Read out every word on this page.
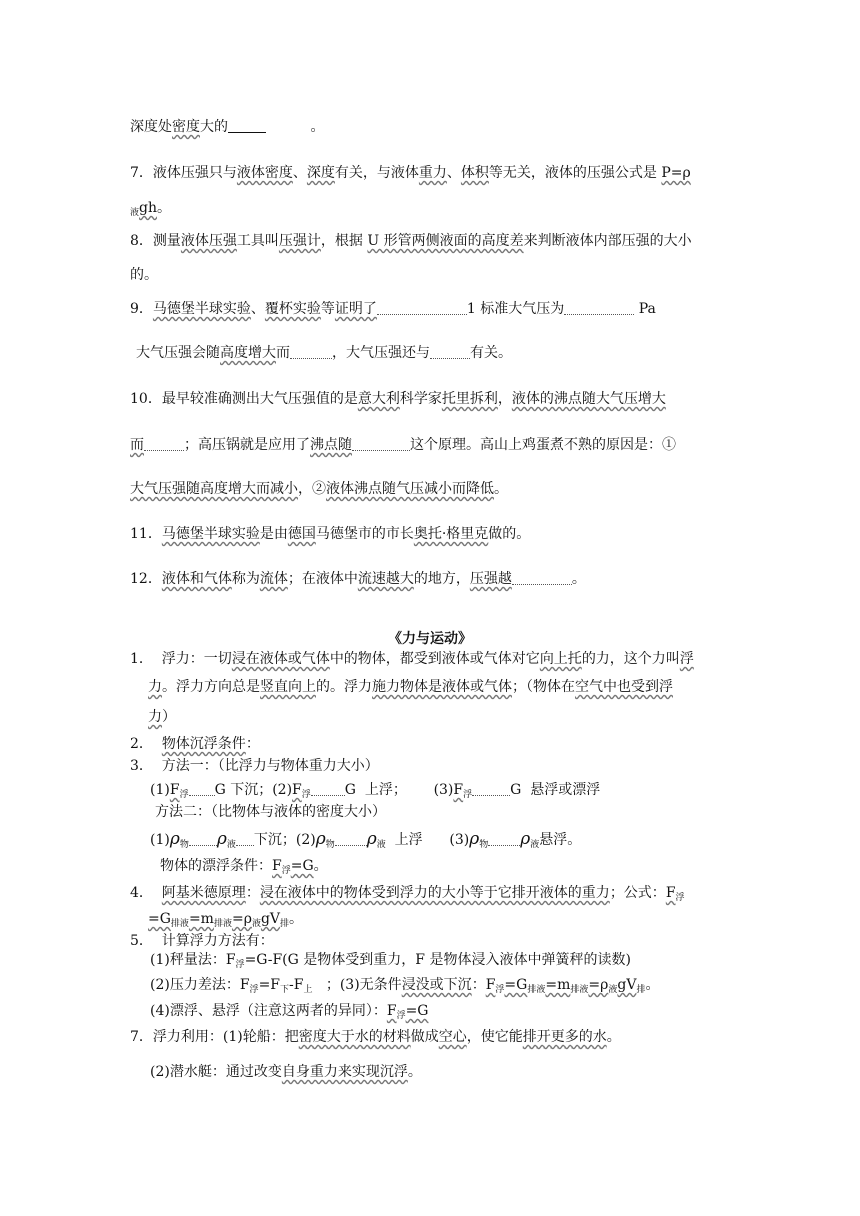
深度处密度大的	。
7．液体压强只与液体密度、深度有关，与液体重力、体积等无关，液体的压强公式是 P=ρ
$_液$gh。
8．测量液体压强工具叫压强计，根据 U 形管两侧液面的高度差来判断液体内部压强的大小
的。
9．马德堡半球实验、覆杯实验等证明了	1 标准大气压为	Pa
大气压强会随高度增大而	，大气压强还与	有关。
10．最早较准确测出大气压强值的是意大利科学家托里拆利，液体的沸点随大气压增大
而	；高压锅就是应用了沸点随	这个原理。高山上鸡蛋煮不熟的原因是：①
大气压强随高度增大而减小，②液体沸点随气压减小而降低。
11．马德堡半球实验是由德国马德堡市的市长奥托·格里克做的。
12．液体和气体称为流体；在液体中流速越大的地方，压强越	。
《力与运动》
1．  浮力：一切浸在液体或气体中的物体，都受到液体或气体对它向上托的力，这个力叫浮
力。浮力方向总是竖直向上的。浮力施力物体是液体或气体；（物体在空气中也受到浮
力）
2．  物体沉浮条件：
3．  方法一：（比浮力与物体重力大小）
$(1)F_浮$ G 下沉；$(2)F_浮$ G  上浮；      $(3)F_浮$	G  悬浮或漂浮
方法二：（比物体与液体的密度大小）
$(1)\rho_物$ $\rho_液$ 下沉；$(2)\rho_物$ $\rho_液$  上浮      $(3)\rho_物$ $\rho_液$悬浮。
物体的漂浮条件：$F_浮=G$。
4．  阿基米德原理：浸在液体中的物体受到浮力的大小等于它排开液体的重力；公式：$F_浮$
$=G_{排液}=m_{排液}=\rho_液gV_排$。
5．  计算浮力方法有：
(1)秤量法：$F_浮=G-F(G$ 是物体受到重力，F 是物体浸入液体中弹簧秤的读数)
(2)压力差法：$F_浮=F_下-F_上$   ；(3)无条件浸没或下沉：$F_浮=G_{排液}=m_{排液}=\rho_液gV_排$。
(4)漂浮、悬浮（注意这两者的异同）：$F_浮=G$
7．浮力利用：(1)轮船：把密度大于水的材料做成空心，使它能排开更多的水。
(2)潜水艇：通过改变自身重力来实现沉浮。
